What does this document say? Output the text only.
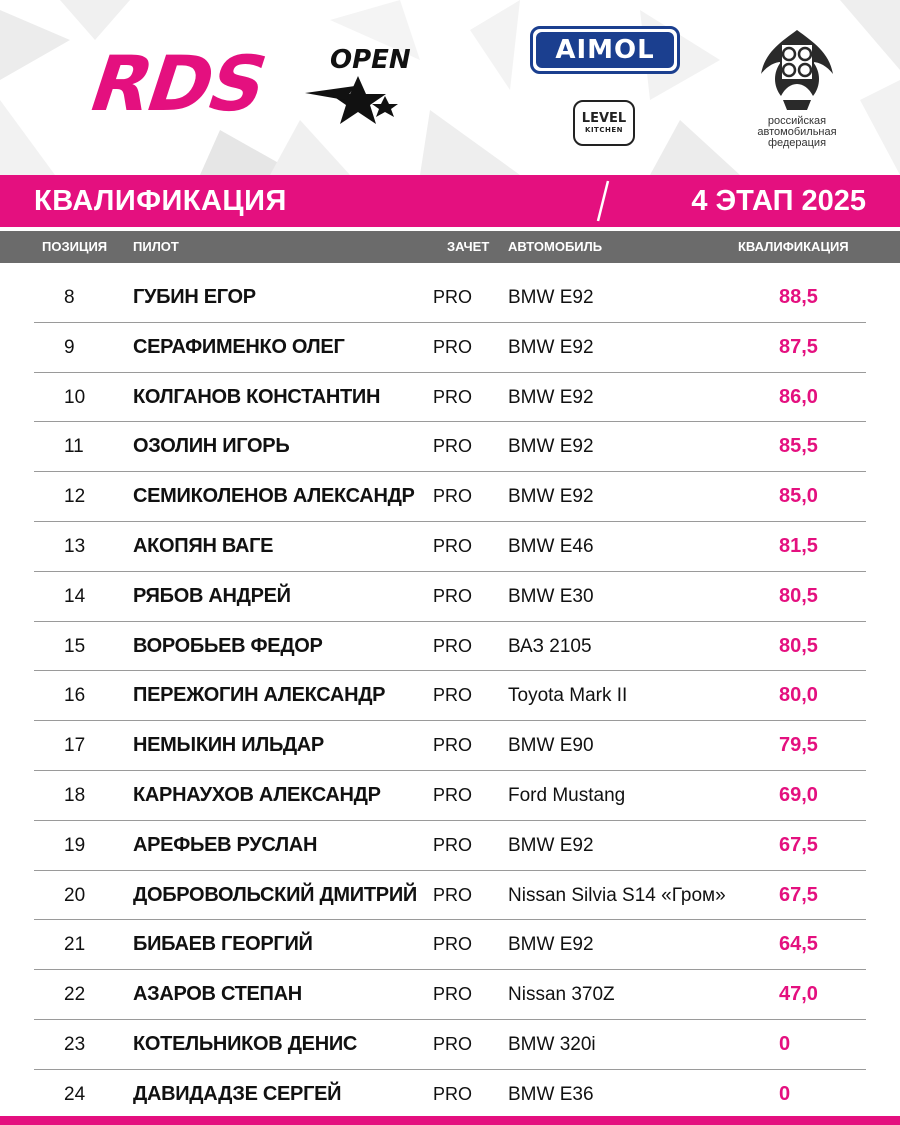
RDS OPEN	AIMOL
LEVEL
KITCHEN
российская
автомобильная
федерация
КВАЛИФИКАЦИЯ	4 ЭТАП 2025
ПОЗИЦИЯ ПИЛОТ	ЗАЧЕТ АВТОМОБИЛЬ	КВАЛИФИКАЦИЯ
8	ГУБИН ЕГОР	PRO BMW E92	88,5
9	СЕРАФИМЕНКО ОЛЕГ	PRO BMW E92	87,5
10 КОЛГАНОВ КОНСТАНТИН	PRO BMW E92	86,0
11 ОЗОЛИН ИГОРЬ	PRO BMW E92	85,5
12 СЕМИКОЛЕНОВ АЛЕКСАНДР PRO BMW E92	85,0
13 АКОПЯН ВАГЕ	PRO BMW E46	81,5
14 РЯБОВ АНДРЕЙ	PRO BMW E30	80,5
15 ВОРОБЬЕВ ФЕДОР	PRO ВАЗ 2105	80,5
16 ПЕРЕЖОГИН АЛЕКСАНДР	PRO Toyota Mark II	80,0
17 НЕМЫКИН ИЛЬДАР	PRO BMW E90	79,5
18 КАРНАУХОВ АЛЕКСАНДР	PRO Ford Mustang	69,0
19 АРЕФЬЕВ РУСЛАН	PRO BMW E92	67,5
20 ДОБРОВОЛЬСКИЙ ДМИТРИЙ PRO Nissan Silvia S14 «Гром»	67,5
21 БИБАЕВ ГЕОРГИЙ	PRO BMW E92	64,5
22 АЗАРОВ СТЕПАН	PRO Nissan 370Z	47,0
23 КОТЕЛЬНИКОВ ДЕНИС	PRO BMW 320i	0
24 ДАВИДАДЗЕ СЕРГЕЙ	PRO BMW E36	0
